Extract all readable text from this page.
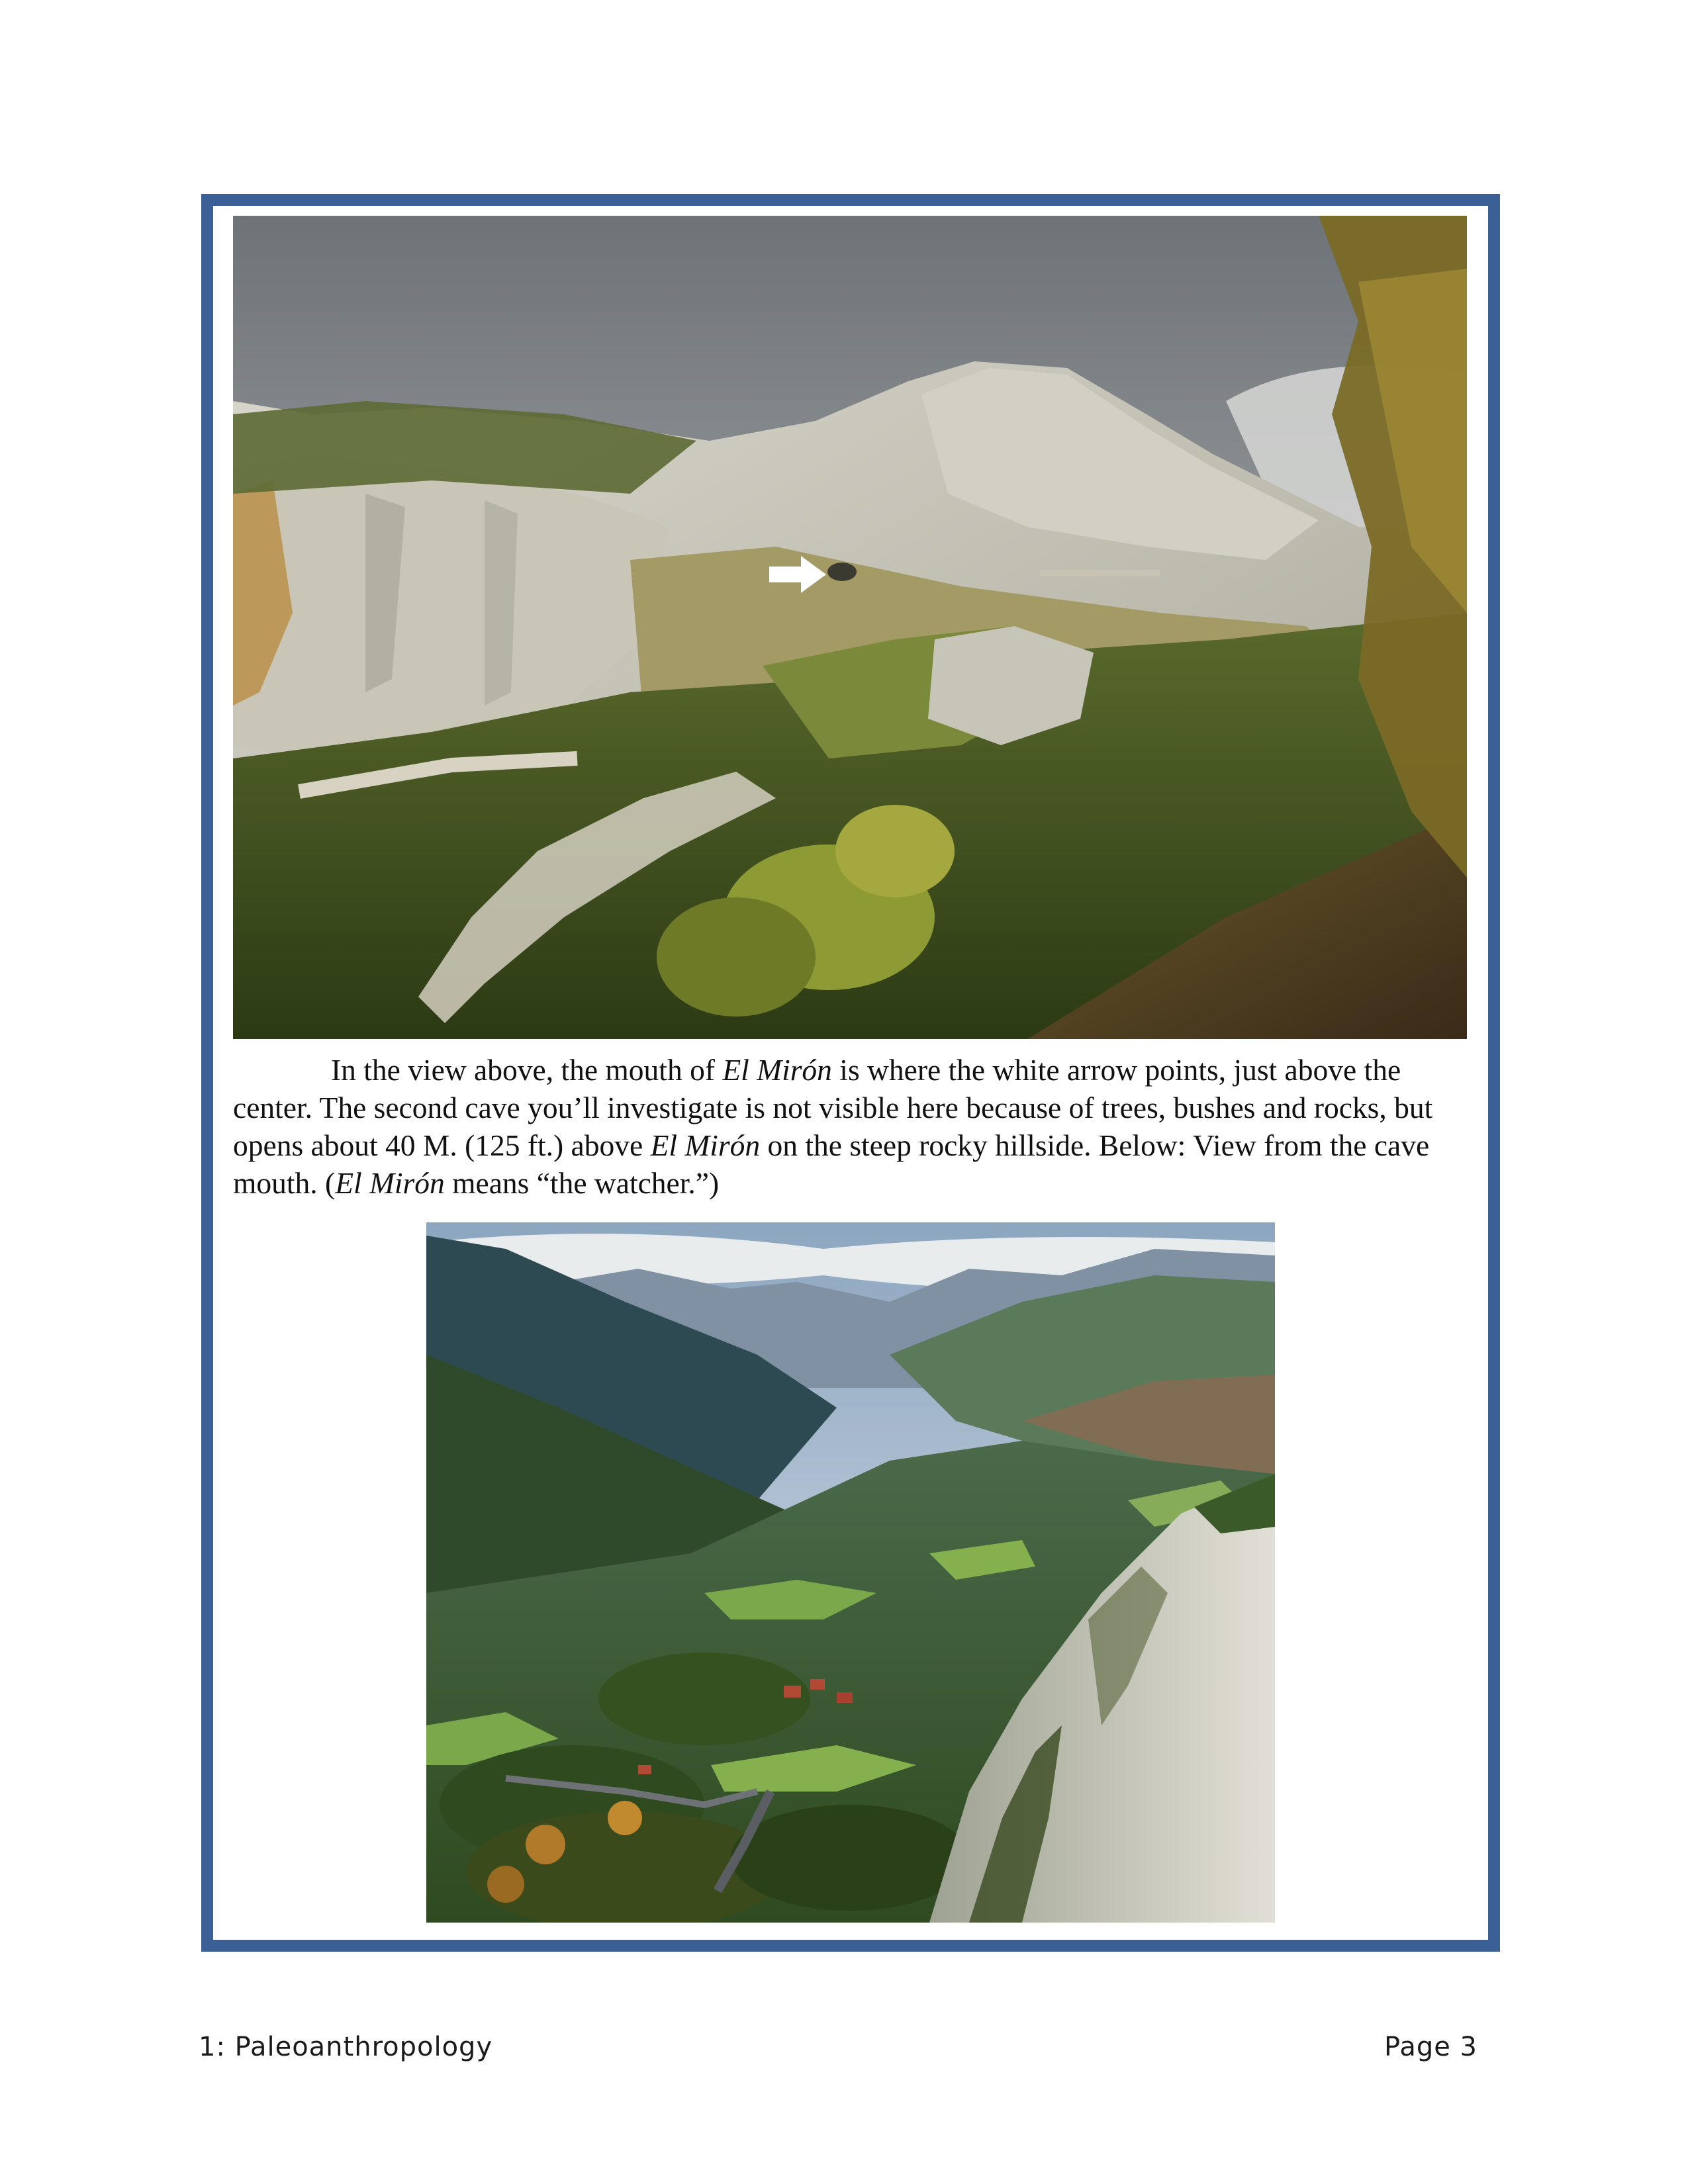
In the view above, the mouth of El Mirón is where the white arrow points, just above the center. The second cave you’ll investigate is not visible here because of trees, bushes and rocks, but opens about 40 M. (125 ft.) above El Mirón on the steep rocky hillside. Below: View from the cave mouth. (El Mirón means “the watcher.”)

1: Paleoanthropology	Page 3
